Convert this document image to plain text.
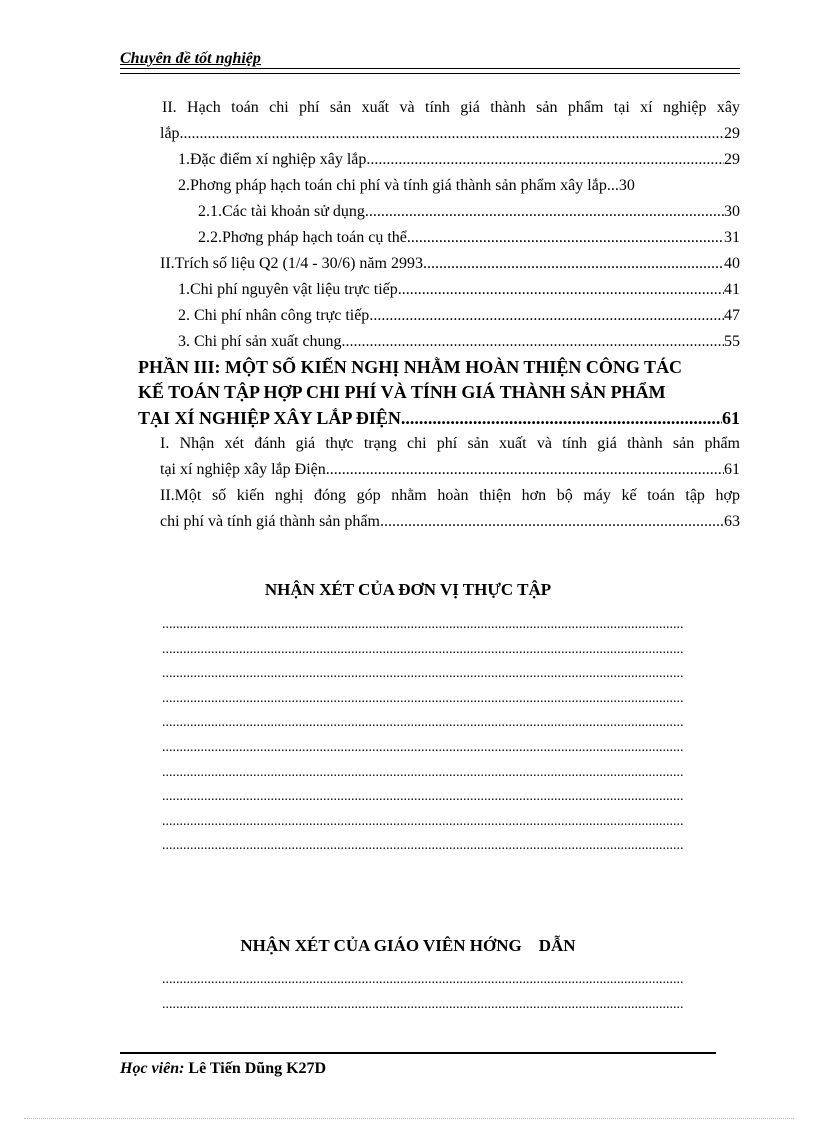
Chuyên đề tốt nghiệp
II. Hạch toán chi phí sản xuất và tính giá thành sản phẩm tại xí nghiệp xây
lắp. .....	29
1.Đặc điểm xí nghiệp xây lắp. .....	29
2.Phơng pháp hạch toán chi phí và tính giá thành sản phẩm xây lắp ..... 30
2.1.Các tài khoản sử dụng. .....	30
2.2.Phơng pháp hạch toán cụ thể .....	31
II.Trích số liệu Q2 (1/4 - 30/6) năm 2993 .....	40
1.Chi phí nguyên vật liệu trực tiếp. .....	41
2. Chi phí nhân công trực tiếp .....	47
3. Chi phí sản xuất chung .....	55
PHẦN III: MỘT SỐ KIẾN NGHỊ NHẰM HOÀN THIỆN CÔNG TÁC
KẾ TOÁN TẬP HỢP CHI PHÍ VÀ TÍNH GIÁ THÀNH SẢN PHẨM
TẠI XÍ NGHIỆP XÂY LẮP ĐIỆN. .....	61
I. Nhận xét đánh giá thực trạng chi phí sản xuất và tính giá thành sản phẩm
tại xí nghiệp xây lắp Điện. .....	61
II.Một số kiến nghị đóng góp nhằm hoàn thiện hơn bộ máy kế toán tập hợp
chi phí và tính giá thành sản phẩm .....	63
NHẬN XÉT CỦA ĐƠN VỊ THỰC TẬP
.....
.....
.....
.....
.....
.....
.....
.....
.....
.....
NHẬN XÉT CỦA GIÁO VIÊN HỚNG    DẪN
.....
.....
Học viên: Lê Tiến Dũng K27D
